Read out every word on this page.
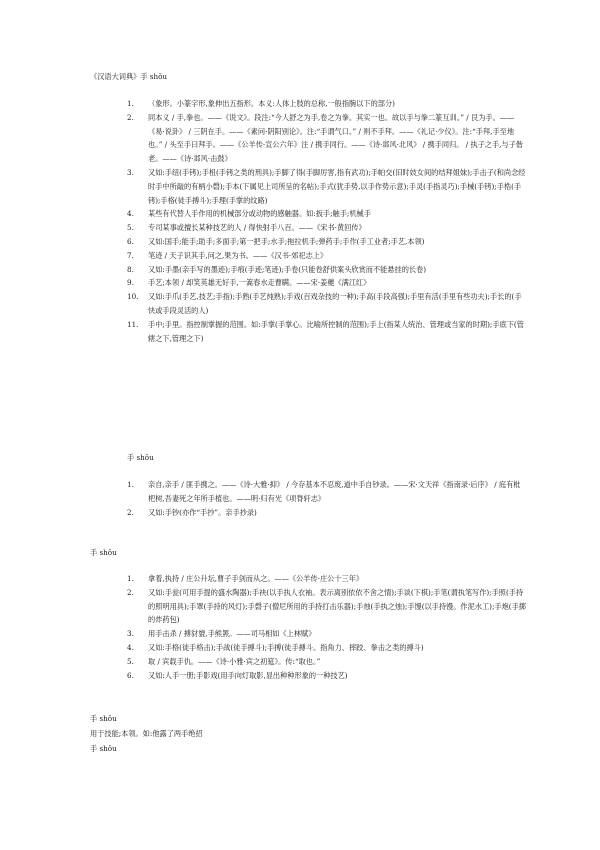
《汉语大词典》手 shǒu
1. （象形。小篆字形,象伸出五指形。本义:人体上肢的总称,一般指腕以下的部分)
2. 同本义 / 手,拳也。——《说文》。段注:“今人舒之为手,卷之为拳。其实一也。故以手与拳二篆互训。” / 艮为手。——《易·说卦》 / 三阴在手。——《素问·阴阳别论》。注:“手谓气口。” / 则不手拜。——《礼记·少仪》。注:“手拜,手至地也。” / 头至手曰拜手。——《公羊传·宣公六年》注 / 携手同行。——《诗·邶风·北风》 / 携手同归。 / 执子之手,与子偕老。——《诗·邶风·击鼓》
3. 又如:手纽(手铐);手杻(手铐之类的刑具);手脚了得(手脚厉害,指有武功);手帕交(旧时妓女间的结拜姐妹);手击子(和尚念经时手中所敲的有柄小磬);手本(下属见上司所呈的名帖);手式(犹手势,以手作势示意);手灵(手指灵巧);手械(手铐);手梏(手铐);手格(徒手搏斗);手理(手掌的纹路)
4. 某些有代替人手作用的机械部分或动物的感触器。如:扳手;触手;机械手
5. 专司某事或擅长某种技艺的人 / 得快射手八百。——《宋书·黄回传》
6. 又如:国手;能手;助手;多面手;第一把手;水手;拖拉机手;弹药手;手作(手工业者;手艺,本领)
7. 笔迹 / 天子识其手,问之,果为书。——《汉书·郊祀志上》
8. 又如:手墨(亲手写的墨迹);手痕(手迹;笔迹);手卷(只能卷舒供案头欣赏而不能悬挂的长卷)
9. 手艺;本领 / 却笑英雄无好手,一篙春水走曹瞒。——宋·姜夔《满江红》
10. 又如:手爪(手艺,技艺;手指);手熟(手艺纯熟);手戏(百戏杂技的一种);手高(手段高强);手里有活(手里有些功夫);手长的(手快或手段灵活的人)
11. 手中;手里。指控制掌握的范围。如:手掌(手掌心。比喻所控制的范围);手上(指某人统治、管理或当家的时期);手底下(管辖之下,管理之下)
手 shǒu
1. 亲自,亲手 / 匪手携之。——《诗·大雅·抑》 / 今存基本不忍废,道中手自钞录。——宋·文天祥《指南录·后序》 / 庭有枇杷树,吾妻死之年所手植也。——明·归有光《项脊轩志》
2. 又如:手钞(亦作“手抄”。亲手抄录)
手 shǒu
1. 拿着,执持 / 庄公升坛,曹子手剑而从之。——《公羊传·庄公十三年》
2. 又如:手瓮(可用手提的盛水陶器);手袂(以手执人衣袖。表示离别依依不舍之情);手谈(下棋);手笔(谓执笔写作);手照(手持的照明用具);手罩(手持的风灯);手磬子(僧尼所用的手持打击乐器);手烛(手执之烛);手馒(以手持馒。作泥水工);手炮(手掷的炸药包)
3. 用手击杀 / 搏豺貔,手熊罴。——司马相如《上林赋》
4. 又如:手格(徒手格击);手战(徒手搏斗);手搏(徒手搏斗。指角力、摔跤、拳击之类的搏斗)
5. 取 / 宾载手仇。——《诗·小雅·宾之初筵》。传:“取也。”
6. 又如:人手一册;手影戏(用手向灯取影,显出种种形象的一种技艺)
手 shǒu
用于技能;本领。如:他露了两手绝招
手 shǒu
